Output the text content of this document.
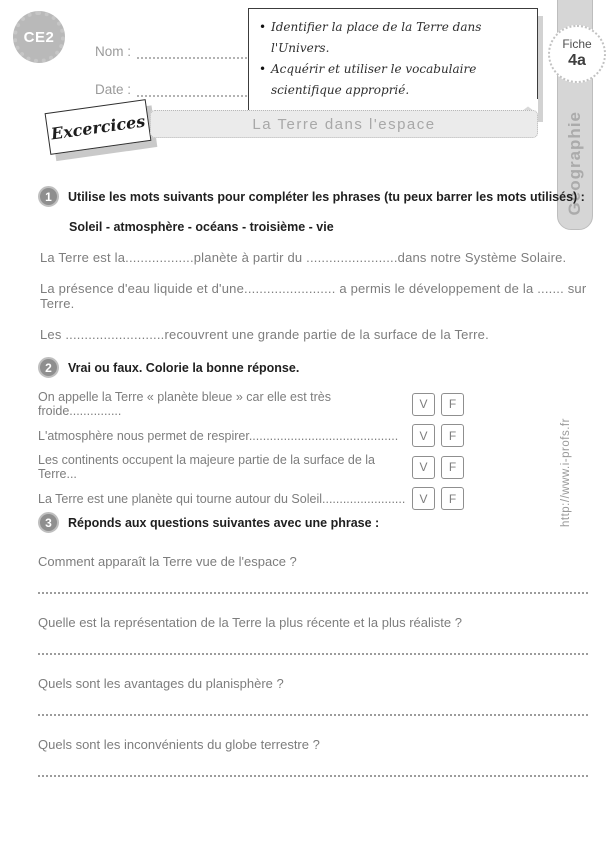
CE2
Nom :
Date :
• Identifier la place de la Terre dans l'Univers.
• Acquérir et utiliser le vocabulaire scientifique approprié.
Géographie
Fiche
4a
Excercices	La Terre dans l'espace
1	Utilise les mots suivants pour compléter les phrases (tu peux barrer les mots utilisés) :
Soleil - atmosphère - océans - troisième - vie

La Terre est la..................planète à partir du ........................dans notre Système Solaire.

La présence d'eau liquide et d'une........................ a permis le développement de la ....... sur Terre.

Les ..........................recouvrent une grande partie de la surface de la Terre.

2	Vrai ou faux. Colorie la bonne réponse.
On appelle la Terre « planète bleue » car elle est très froide...............	V	F
L'atmosphère nous permet de respirer...........................................	V	F
Les continents occupent la majeure partie de la surface de la Terre...	V	F
La Terre est une planète qui tourne autour du Soleil........................	V	F
3	Réponds aux questions suivantes avec une phrase :

Comment apparaît la Terre vue de l'espace ?

Quelle est la représentation de la Terre la plus récente et la plus réaliste ?

Quels sont les avantages du planisphère ?

Quels sont les inconvénients du globe terrestre ?

http://www.i-profs.fr
